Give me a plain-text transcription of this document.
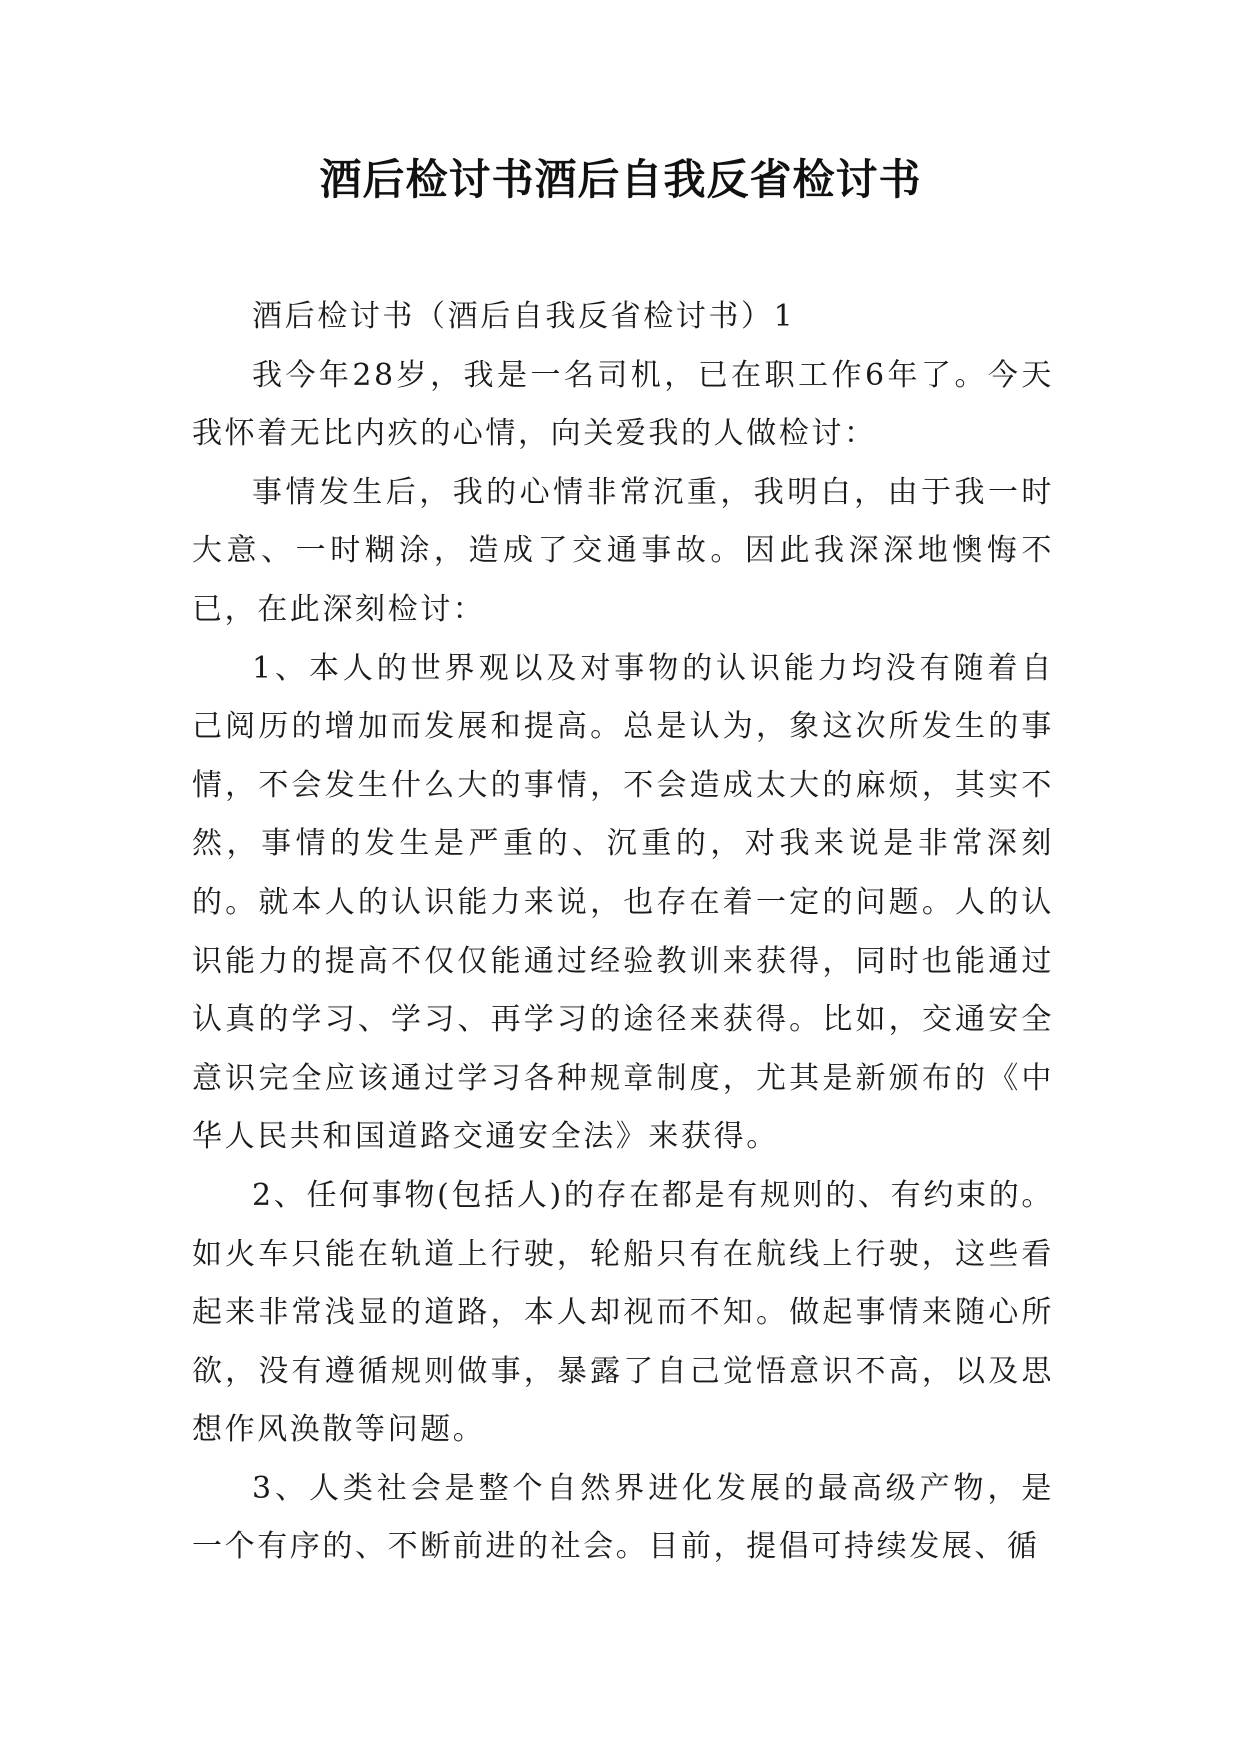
酒后检讨书酒后自我反省检讨书

酒后检讨书（酒后自我反省检讨书）1

我今年28岁，我是一名司机，已在职工作6年了。今天我怀着无比内疚的心情，向关爱我的人做检讨：

事情发生后，我的心情非常沉重，我明白，由于我一时大意、一时糊涂，造成了交通事故。因此我深深地懊悔不已，在此深刻检讨：

1、本人的世界观以及对事物的认识能力均没有随着自己阅历的增加而发展和提高。总是认为，象这次所发生的事情，不会发生什么大的事情，不会造成太大的麻烦，其实不然，事情的发生是严重的、沉重的，对我来说是非常深刻的。就本人的认识能力来说，也存在着一定的问题。人的认识能力的提高不仅仅能通过经验教训来获得，同时也能通过认真的学习、学习、再学习的途径来获得。比如，交通安全意识完全应该通过学习各种规章制度，尤其是新颁布的《中华人民共和国道路交通安全法》来获得。

2、任何事物(包括人)的存在都是有规则的、有约束的。如火车只能在轨道上行驶，轮船只有在航线上行驶，这些看起来非常浅显的道路，本人却视而不知。做起事情来随心所欲，没有遵循规则做事，暴露了自己觉悟意识不高，以及思想作风涣散等问题。

3、人类社会是整个自然界进化发展的最高级产物，是一个有序的、不断前进的社会。目前，提倡可持续发展、循
